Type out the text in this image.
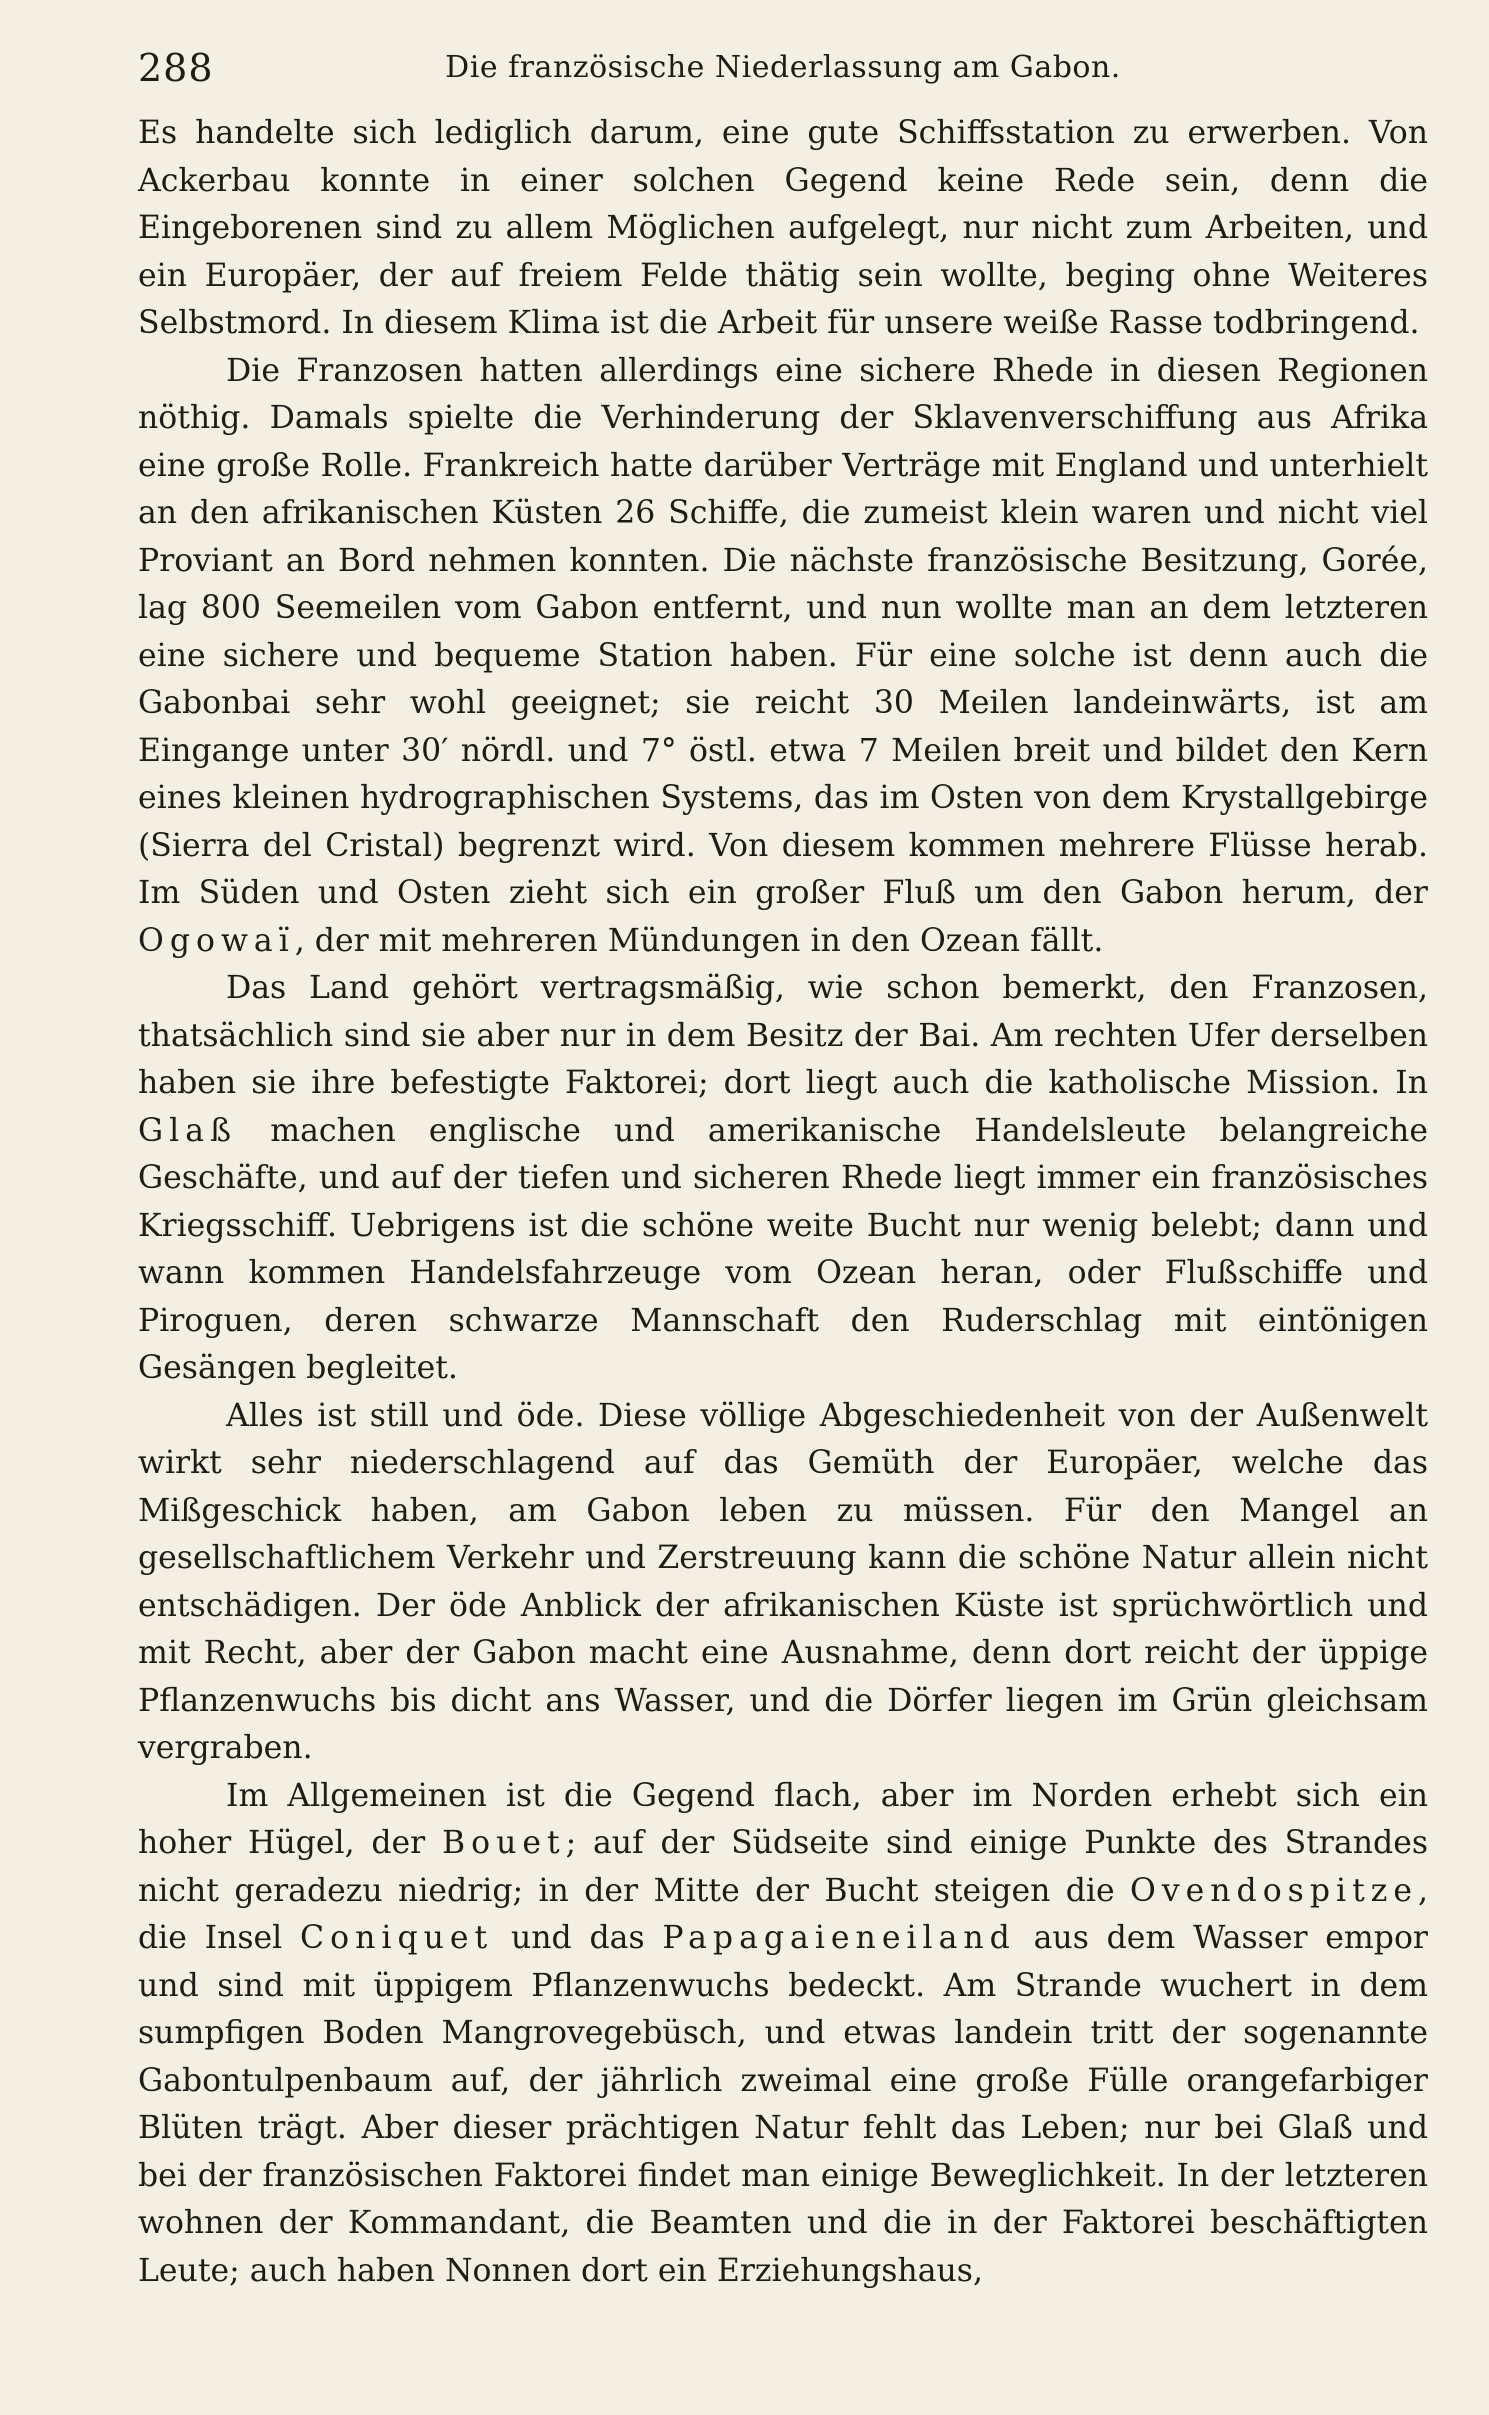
288	Die französische Niederlassung am Gabon.

Es handelte sich lediglich darum, eine gute Schiffsstation zu erwerben. Von Ackerbau konnte in einer solchen Gegend keine Rede sein, denn die Eingeborenen sind zu allem Möglichen aufgelegt, nur nicht zum Arbeiten, und ein Europäer, der auf freiem Felde thätig sein wollte, beging ohne Weiteres Selbstmord. In diesem Klima ist die Arbeit für unsere weiße Rasse todbringend.

Die Franzosen hatten allerdings eine sichere Rhede in diesen Regionen nöthig. Damals spielte die Verhinderung der Sklavenverschiffung aus Afrika eine große Rolle. Frankreich hatte darüber Verträge mit England und unterhielt an den afrikanischen Küsten 26 Schiffe, die zumeist klein waren und nicht viel Proviant an Bord nehmen konnten. Die nächste französische Besitzung, Gorée, lag 800 Seemeilen vom Gabon entfernt, und nun wollte man an dem letzteren eine sichere und bequeme Station haben. Für eine solche ist denn auch die Gabonbai sehr wohl geeignet; sie reicht 30 Meilen landeinwärts, ist am Eingange unter 30′ nördl. und 7° östl. etwa 7 Meilen breit und bildet den Kern eines kleinen hydrographischen Systems, das im Osten von dem Krystallgebirge (Sierra del Cristal) begrenzt wird. Von diesem kommen mehrere Flüsse herab. Im Süden und Osten zieht sich ein großer Fluß um den Gabon herum, der Ogowaï, der mit mehreren Mündungen in den Ozean fällt.

Das Land gehört vertragsmäßig, wie schon bemerkt, den Franzosen, thatsächlich sind sie aber nur in dem Besitz der Bai. Am rechten Ufer derselben haben sie ihre befestigte Faktorei; dort liegt auch die katholische Mission. In Glaß machen englische und amerikanische Handelsleute belangreiche Geschäfte, und auf der tiefen und sicheren Rhede liegt immer ein französisches Kriegsschiff. Uebrigens ist die schöne weite Bucht nur wenig belebt; dann und wann kommen Handelsfahrzeuge vom Ozean heran, oder Flußschiffe und Piroguen, deren schwarze Mannschaft den Ruderschlag mit eintönigen Gesängen begleitet.

Alles ist still und öde. Diese völlige Abgeschiedenheit von der Außenwelt wirkt sehr niederschlagend auf das Gemüth der Europäer, welche das Mißgeschick haben, am Gabon leben zu müssen. Für den Mangel an gesellschaftlichem Verkehr und Zerstreuung kann die schöne Natur allein nicht entschädigen. Der öde Anblick der afrikanischen Küste ist sprüchwörtlich und mit Recht, aber der Gabon macht eine Ausnahme, denn dort reicht der üppige Pflanzenwuchs bis dicht ans Wasser, und die Dörfer liegen im Grün gleichsam vergraben.

Im Allgemeinen ist die Gegend flach, aber im Norden erhebt sich ein hoher Hügel, der Bouet; auf der Südseite sind einige Punkte des Strandes nicht geradezu niedrig; in der Mitte der Bucht steigen die Ovendospitze, die Insel Coniquet und das Papagaieneiland aus dem Wasser empor und sind mit üppigem Pflanzenwuchs bedeckt. Am Strande wuchert in dem sumpfigen Boden Mangrovegebüsch, und etwas landein tritt der sogenannte Gabontulpenbaum auf, der jährlich zweimal eine große Fülle orangefarbiger Blüten trägt. Aber dieser prächtigen Natur fehlt das Leben; nur bei Glaß und bei der französischen Faktorei findet man einige Beweglichkeit. In der letzteren wohnen der Kommandant, die Beamten und die in der Faktorei beschäftigten Leute; auch haben Nonnen dort ein Erziehungshaus,
